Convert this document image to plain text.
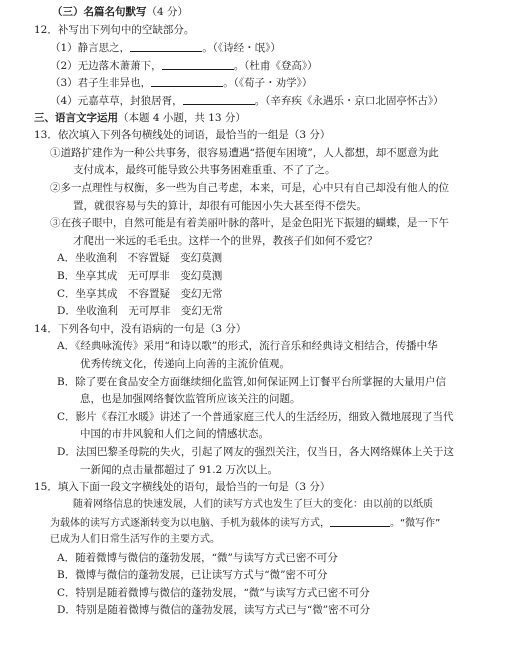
（三）名篇名句默写（4 分）
12．补写出下列句中的空缺部分。
（1）静言思之，	。（《诗经・氓》）
（2）无边落木萧萧下，	。（杜甫《登高》）
（3）君子生非异也，	。（《荀子・劝学》）
（4）元嘉草草，封狼居胥，	。（辛弃疾《永遇乐・京口北固亭怀古》）
三、语言文字运用（本题 4 小题，共 13 分）
13．依次填入下列各句横线处的词语，最恰当的一组是（3 分）
①道路扩建作为一种公共事务，很容易遭遇“搭便车困境”，人人都想，却不愿意为此
支付成本，最终可能导致公共事务困难重重、不了了之。
②多一点理性与权衡，多一些为自己考虑，本来，可是，心中只有自己却没有他人的位
置，就很容易与失的算计，却很有可能因小失大甚至得不偿失。
③在孩子眼中，自然可能是有着美丽叶脉的落叶，是金色阳光下振翅的蝴蝶，是一下午
才爬出一米远的毛毛虫。这样一个的世界，教孩子们如何不爱它？
A．坐收渔利　不容置疑　变幻莫测
B．坐享其成　无可厚非　变幻莫测
C．坐享其成　不容置疑　变幻无常
D．坐收渔利　无可厚非　变幻无常
14．下列各句中，没有语病的一句是（3 分）
A．《经典咏流传》采用“和诗以歌”的形式，流行音乐和经典诗文相结合，传播中华
优秀传统文化，传递向上向善的主流价值观。
B．除了要在食品安全方面继续细化监管,如何保证网上订餐平台所掌握的大量用户信
息，也是加强网络餐饮监管所应该关注的问题。
C．影片《春江水暖》讲述了一个普通家庭三代人的生活经历，细致入微地展现了当代
中国的市井风貌和人们之间的情感状态。
D．法国巴黎圣母院的失火，引起了网友的强烈关注，仅当日，各大网络媒体上关于这
一新闻的点击量都超过了 91.2 万次以上。
15．填入下面一段文字横线处的语句，最恰当的一句是（3 分）
随着网络信息的快速发展，人们的读写方式也发生了巨大的变化：由以前的以纸质
为载体的读写方式逐渐转变为以电脑、手机为载体的读写方式，	。“微写作”
已成为人们日常生活写作的主要方式。
A．随着微博与微信的蓬勃发展，“微”与读写方式已密不可分
B．微博与微信的蓬勃发展，已让读写方式与“微”密不可分
C．特别是随着微博与微信的蓬勃发展，“微”与读写方式已密不可分
D．特别是随着微博与微信的蓬勃发展，读写方式已与“微”密不可分
